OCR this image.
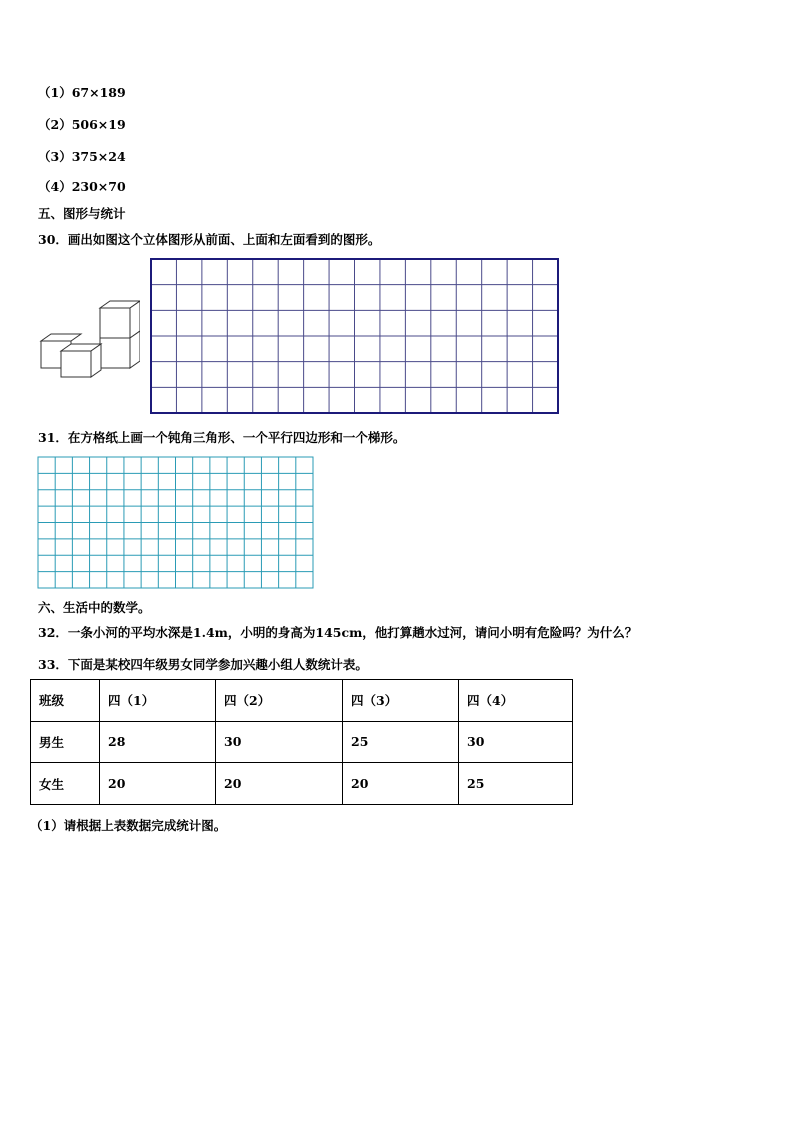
（1）67×189
（2）506×19
（3）375×24
（4）230×70
五、图形与统计
30．画出如图这个立体图形从前面、上面和左面看到的图形。
31．在方格纸上画一个钝角三角形、一个平行四边形和一个梯形。
六、生活中的数学。
32．一条小河的平均水深是1.4m，小明的身高为145cm，他打算趟水过河，请问小明有危险吗？为什么？
33．下面是某校四年级男女同学参加兴趣小组人数统计表。
班级	四（1）	四（2）	四（3）	四（4）
男生	28	30	25	30
女生	20	20	20	25
（1）请根据上表数据完成统计图。
